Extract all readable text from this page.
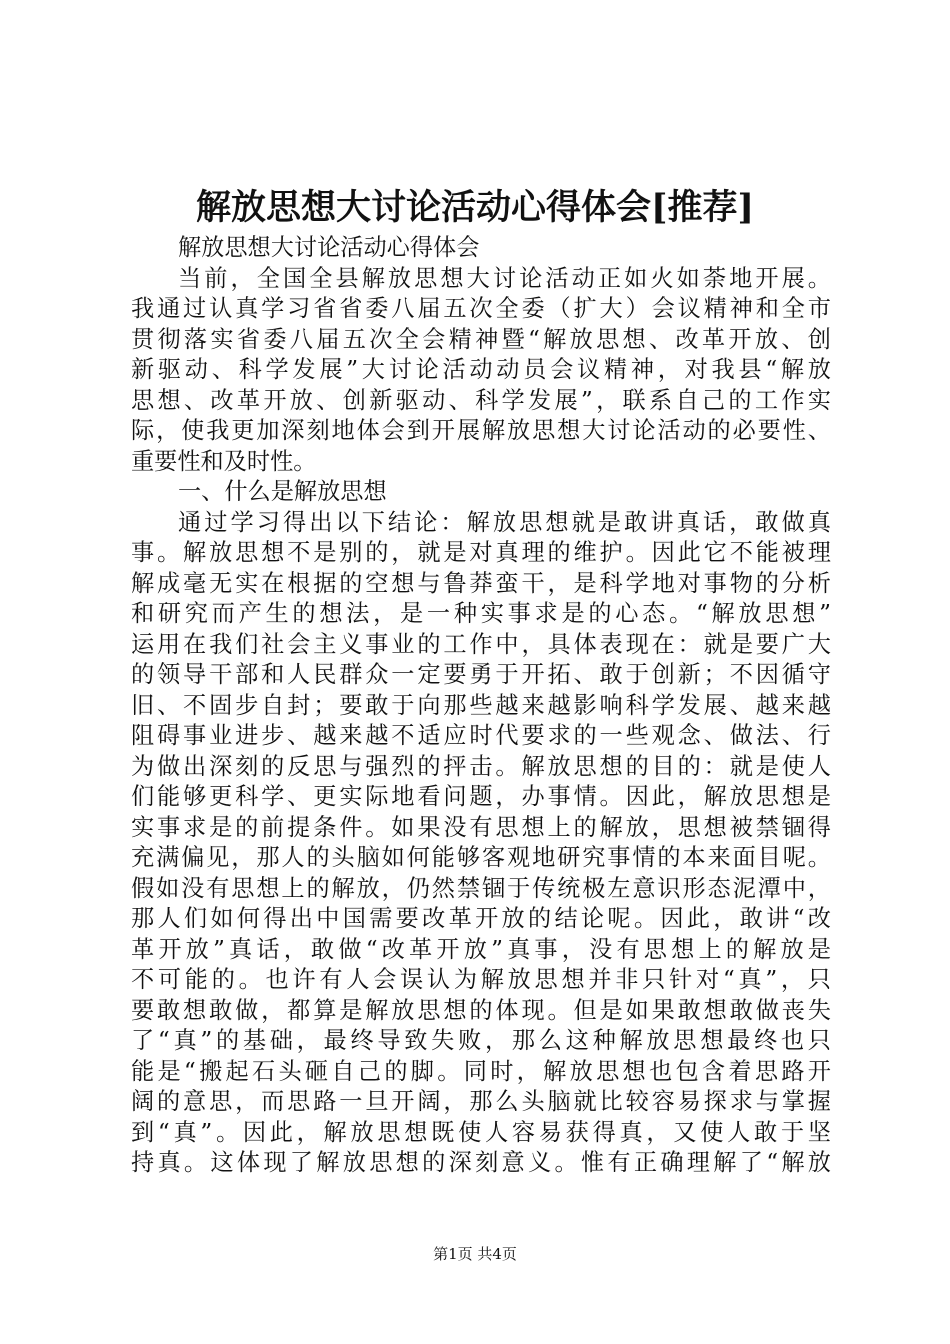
解放思想大讨论活动心得体会[推荐]
解放思想大讨论活动心得体会
当前，全国全县解放思想大讨论活动正如火如荼地开展。
我通过认真学习省省委八届五次全委（扩大）会议精神和全市
贯彻落实省委八届五次全会精神暨“解放思想、改革开放、创
新驱动、科学发展”大讨论活动动员会议精神，对我县“解放
思想、改革开放、创新驱动、科学发展”，联系自己的工作实
际，使我更加深刻地体会到开展解放思想大讨论活动的必要性、
重要性和及时性。
一、什么是解放思想
通过学习得出以下结论：解放思想就是敢讲真话，敢做真
事。解放思想不是别的，就是对真理的维护。因此它不能被理
解成毫无实在根据的空想与鲁莽蛮干，是科学地对事物的分析
和研究而产生的想法，是一种实事求是的心态。“解放思想”
运用在我们社会主义事业的工作中，具体表现在：就是要广大
的领导干部和人民群众一定要勇于开拓、敢于创新；不因循守
旧、不固步自封；要敢于向那些越来越影响科学发展、越来越
阻碍事业进步、越来越不适应时代要求的一些观念、做法、行
为做出深刻的反思与强烈的抨击。解放思想的目的：就是使人
们能够更科学、更实际地看问题，办事情。因此，解放思想是
实事求是的前提条件。如果没有思想上的解放，思想被禁锢得
充满偏见，那人的头脑如何能够客观地研究事情的本来面目呢。
假如没有思想上的解放，仍然禁锢于传统极左意识形态泥潭中，
那人们如何得出中国需要改革开放的结论呢。因此，敢讲“改
革开放”真话，敢做“改革开放”真事，没有思想上的解放是
不可能的。也许有人会误认为解放思想并非只针对“真”，只
要敢想敢做，都算是解放思想的体现。但是如果敢想敢做丧失
了“真”的基础，最终导致失败，那么这种解放思想最终也只
能是“搬起石头砸自己的脚。同时，解放思想也包含着思路开
阔的意思，而思路一旦开阔，那么头脑就比较容易探求与掌握
到“真”。因此，解放思想既使人容易获得真，又使人敢于坚
持真。这体现了解放思想的深刻意义。惟有正确理解了“解放
第1页 共4页
